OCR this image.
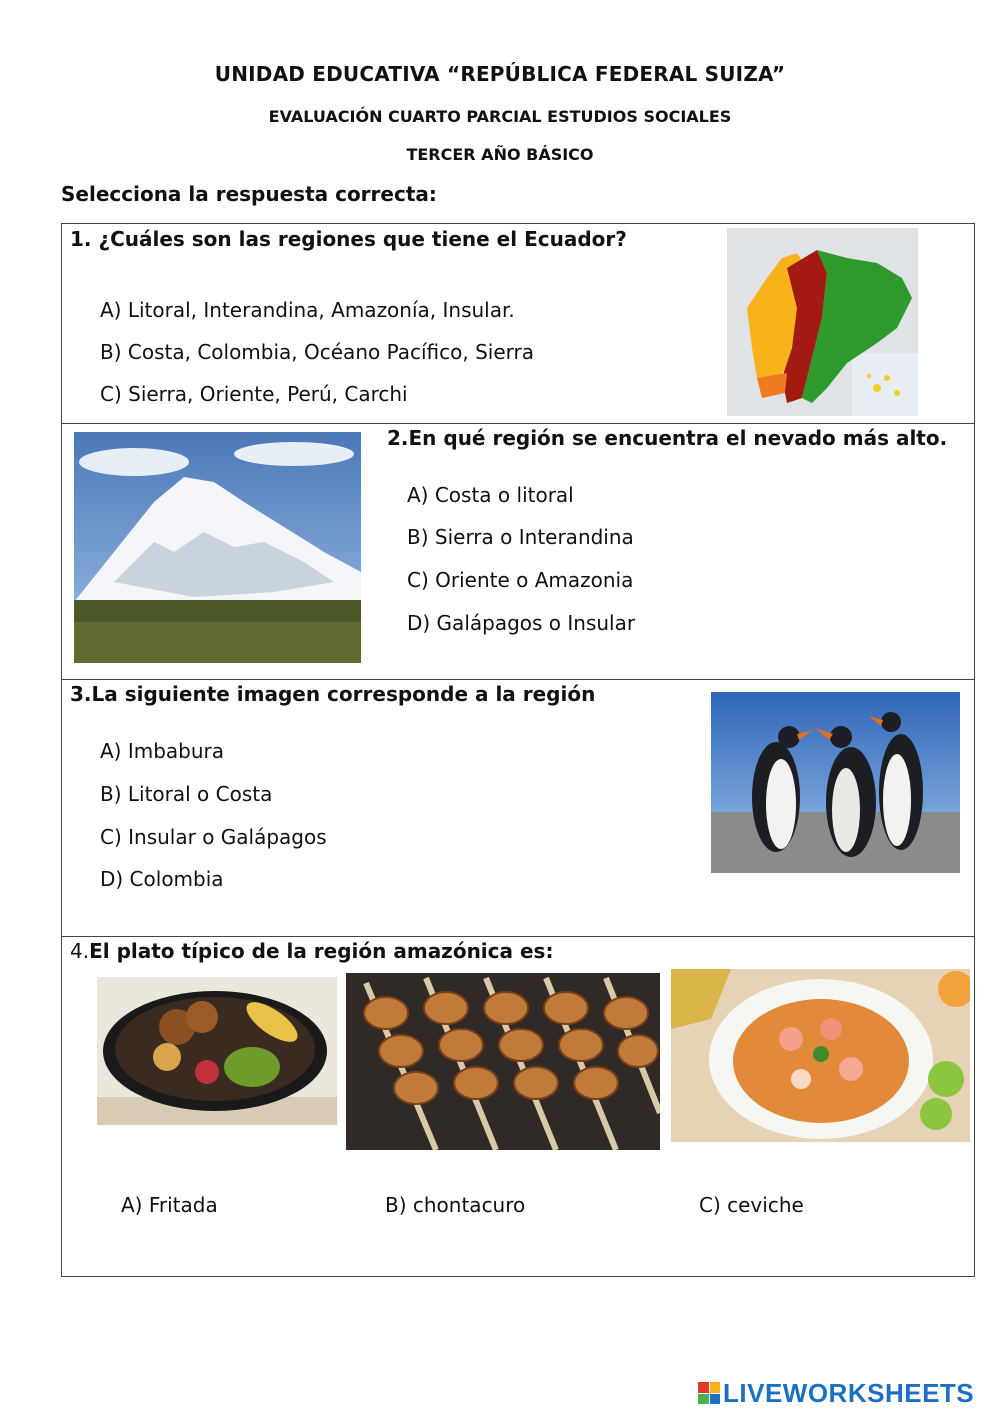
UNIDAD EDUCATIVA “REPÚBLICA FEDERAL SUIZA”
EVALUACIÓN CUARTO PARCIAL ESTUDIOS SOCIALES
TERCER AÑO BÁSICO
Selecciona la respuesta correcta:
1. ¿Cuáles son las regiones que tiene el Ecuador?
A) Litoral, Interandina, Amazonía, Insular.
B) Costa, Colombia, Océano Pacífico, Sierra
C) Sierra, Oriente, Perú, Carchi
2.En qué región se encuentra el nevado más alto.
A) Costa o litoral
B) Sierra o Interandina
C) Oriente o Amazonia
D) Galápagos o Insular
3.La siguiente imagen corresponde a la región
A) Imbabura
B) Litoral o Costa
C) Insular o Galápagos
D) Colombia
4.El plato típico de la región amazónica es:
A) Fritada	B) chontacuro	C) ceviche
LIVEWORKSHEETS
